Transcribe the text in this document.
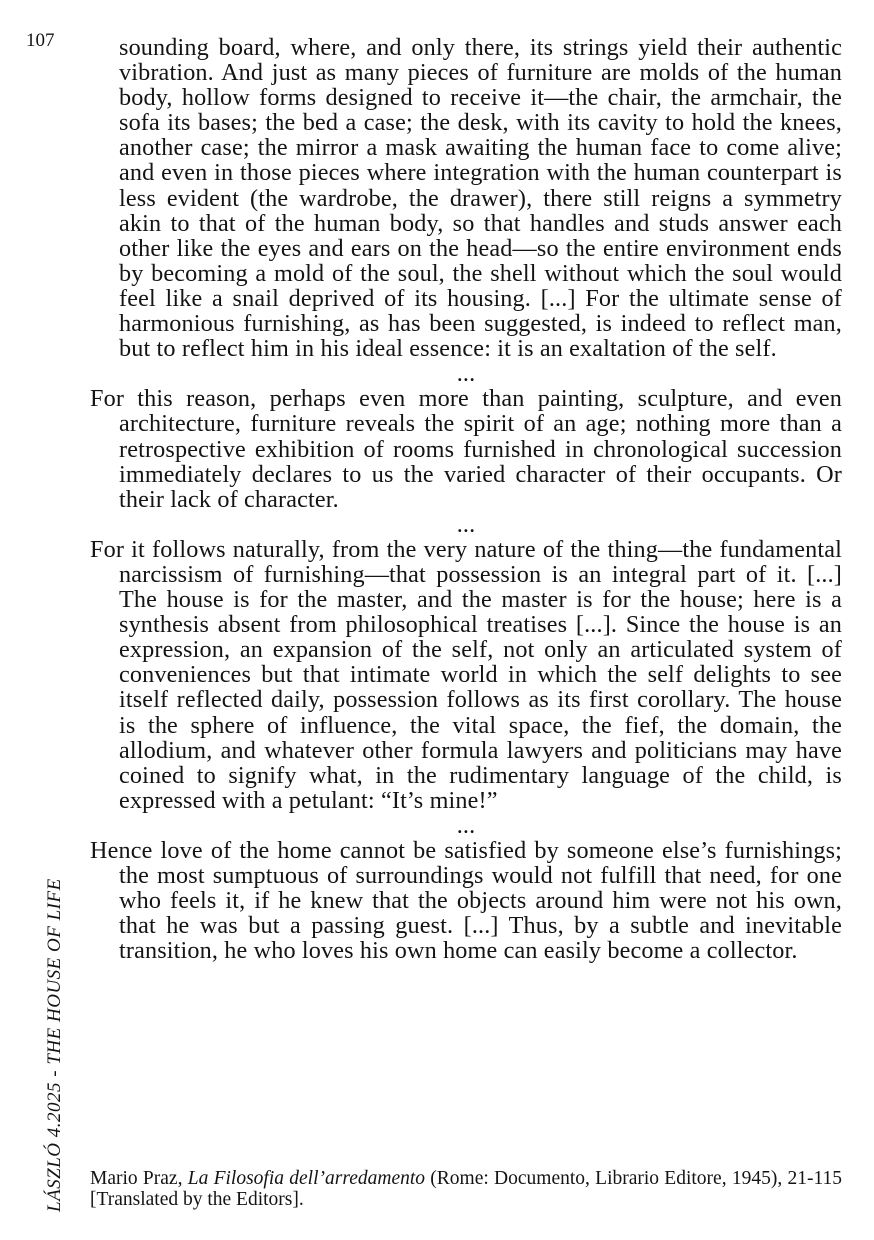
107
LÁSZLÓ 4.2025 - THE HOUSE OF LIFE

sounding board, where, and only there, its strings yield their authentic vibration. And just as many pieces of furniture are molds of the human body, hollow forms designed to receive it—the chair, the armchair, the sofa its bases; the bed a case; the desk, with its cavity to hold the knees, another case; the mirror a mask awaiting the human face to come alive; and even in those pieces where integration with the human counterpart is less evident (the wardrobe, the drawer), there still reigns a symmetry akin to that of the human body, so that handles and studs answer each other like the eyes and ears on the head—so the entire environment ends by becoming a mold of the soul, the shell without which the soul would feel like a snail deprived of its housing. [...] For the ultimate sense of harmonious furnishing, as has been suggested, is indeed to reflect man, but to reflect him in his ideal essence: it is an exaltation of the self.

...

For this reason, perhaps even more than painting, sculpture, and even architecture, furniture reveals the spirit of an age; nothing more than a retrospective exhibition of rooms furnished in chronological succession immediately declares to us the varied character of their occupants. Or their lack of character.

...

For it follows naturally, from the very nature of the thing—the fundamental narcissism of furnishing—that possession is an integral part of it. [...] The house is for the master, and the master is for the house; here is a synthesis absent from philosophical treatises [...]. Since the house is an expression, an expansion of the self, not only an articulated system of conveniences but that intimate world in which the self delights to see itself reflected daily, possession follows as its first corollary. The house is the sphere of influence, the vital space, the fief, the domain, the allodium, and whatever other formula lawyers and politicians may have coined to signify what, in the rudimentary language of the child, is expressed with a petulant: “It’s mine!”

...

Hence love of the home cannot be satisfied by someone else’s furnishings; the most sumptuous of surroundings would not fulfill that need, for one who feels it, if he knew that the objects around him were not his own, that he was but a passing guest. [...] Thus, by a subtle and inevitable transition, he who loves his own home can easily become a collector.

Mario Praz, La Filosofia dell’arredamento (Rome: Documento, Librario Editore, 1945), 21-115 [Translated by the Editors].
